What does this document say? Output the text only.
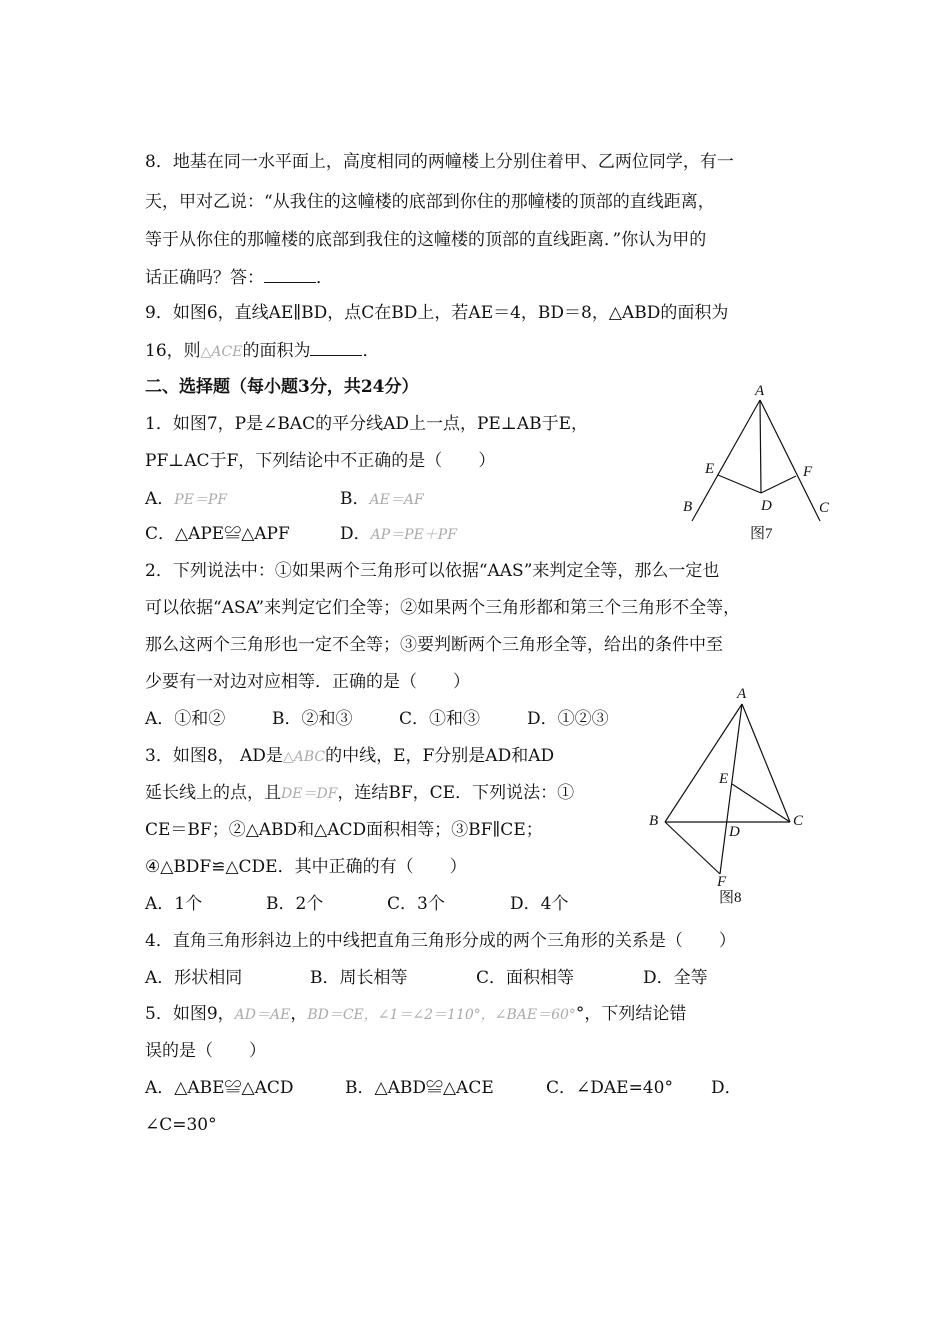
8．地基在同一水平面上，高度相同的两幢楼上分别住着甲、乙两位同学，有一
天，甲对乙说：“从我住的这幢楼的底部到你住的那幢楼的顶部的直线距离，
等于从你住的那幢楼的底部到我住的这幢楼的顶部的直线距离．”你认为甲的
话正确吗？答：	．
9．如图6，直线AE∥BD，点C在BD上，若AE＝4，BD＝8，△ABD的面积为
16，则△ACE的面积为	．
二、选择题（每小题3分，共24分）
1．如图7，P是∠BAC的平分线AD上一点，PE⊥AB于E，
PF⊥AC于F，下列结论中不正确的是（ ）
A．PE＝PF	B．AE＝AF
C．△APE≌△APF	D．AP＝PE＋PF
A
B	C
D
E	F
图7
2．下列说法中：①如果两个三角形可以依据“AAS”来判定全等，那么一定也
可以依据“ASA”来判定它们全等；②如果两个三角形都和第三个三角形不全等，
那么这两个三角形也一定不全等；③要判断两个三角形全等，给出的条件中至
少要有一对边对应相等．正确的是（ ）
A．①和②	B．②和③	C．①和③	D．①②③
3．如图8， AD是△ABC的中线，E，F分别是AD和AD
延长线上的点，且DE＝DF，连结BF，CE．下列说法：①
CE＝BF；②△ABD和△ACD面积相等；③BF∥CE；
④△BDF≌△CDE．其中正确的有（ ）
A．1个	B．2个	C．3个	D．4个
A
B	C
D
E
F
图8
4．直角三角形斜边上的中线把直角三角形分成的两个三角形的关系是（ ）
A．形状相同	B．周长相等	C．面积相等	D．全等
5．如图9，AD＝AE，BD＝CE，∠1＝∠2＝110°，∠BAE＝60°°，下列结论错
误的是（ ）
A．△ABE≌△ACD	B．△ABD≌△ACE	C．∠DAE=40° D．
∠C=30°
